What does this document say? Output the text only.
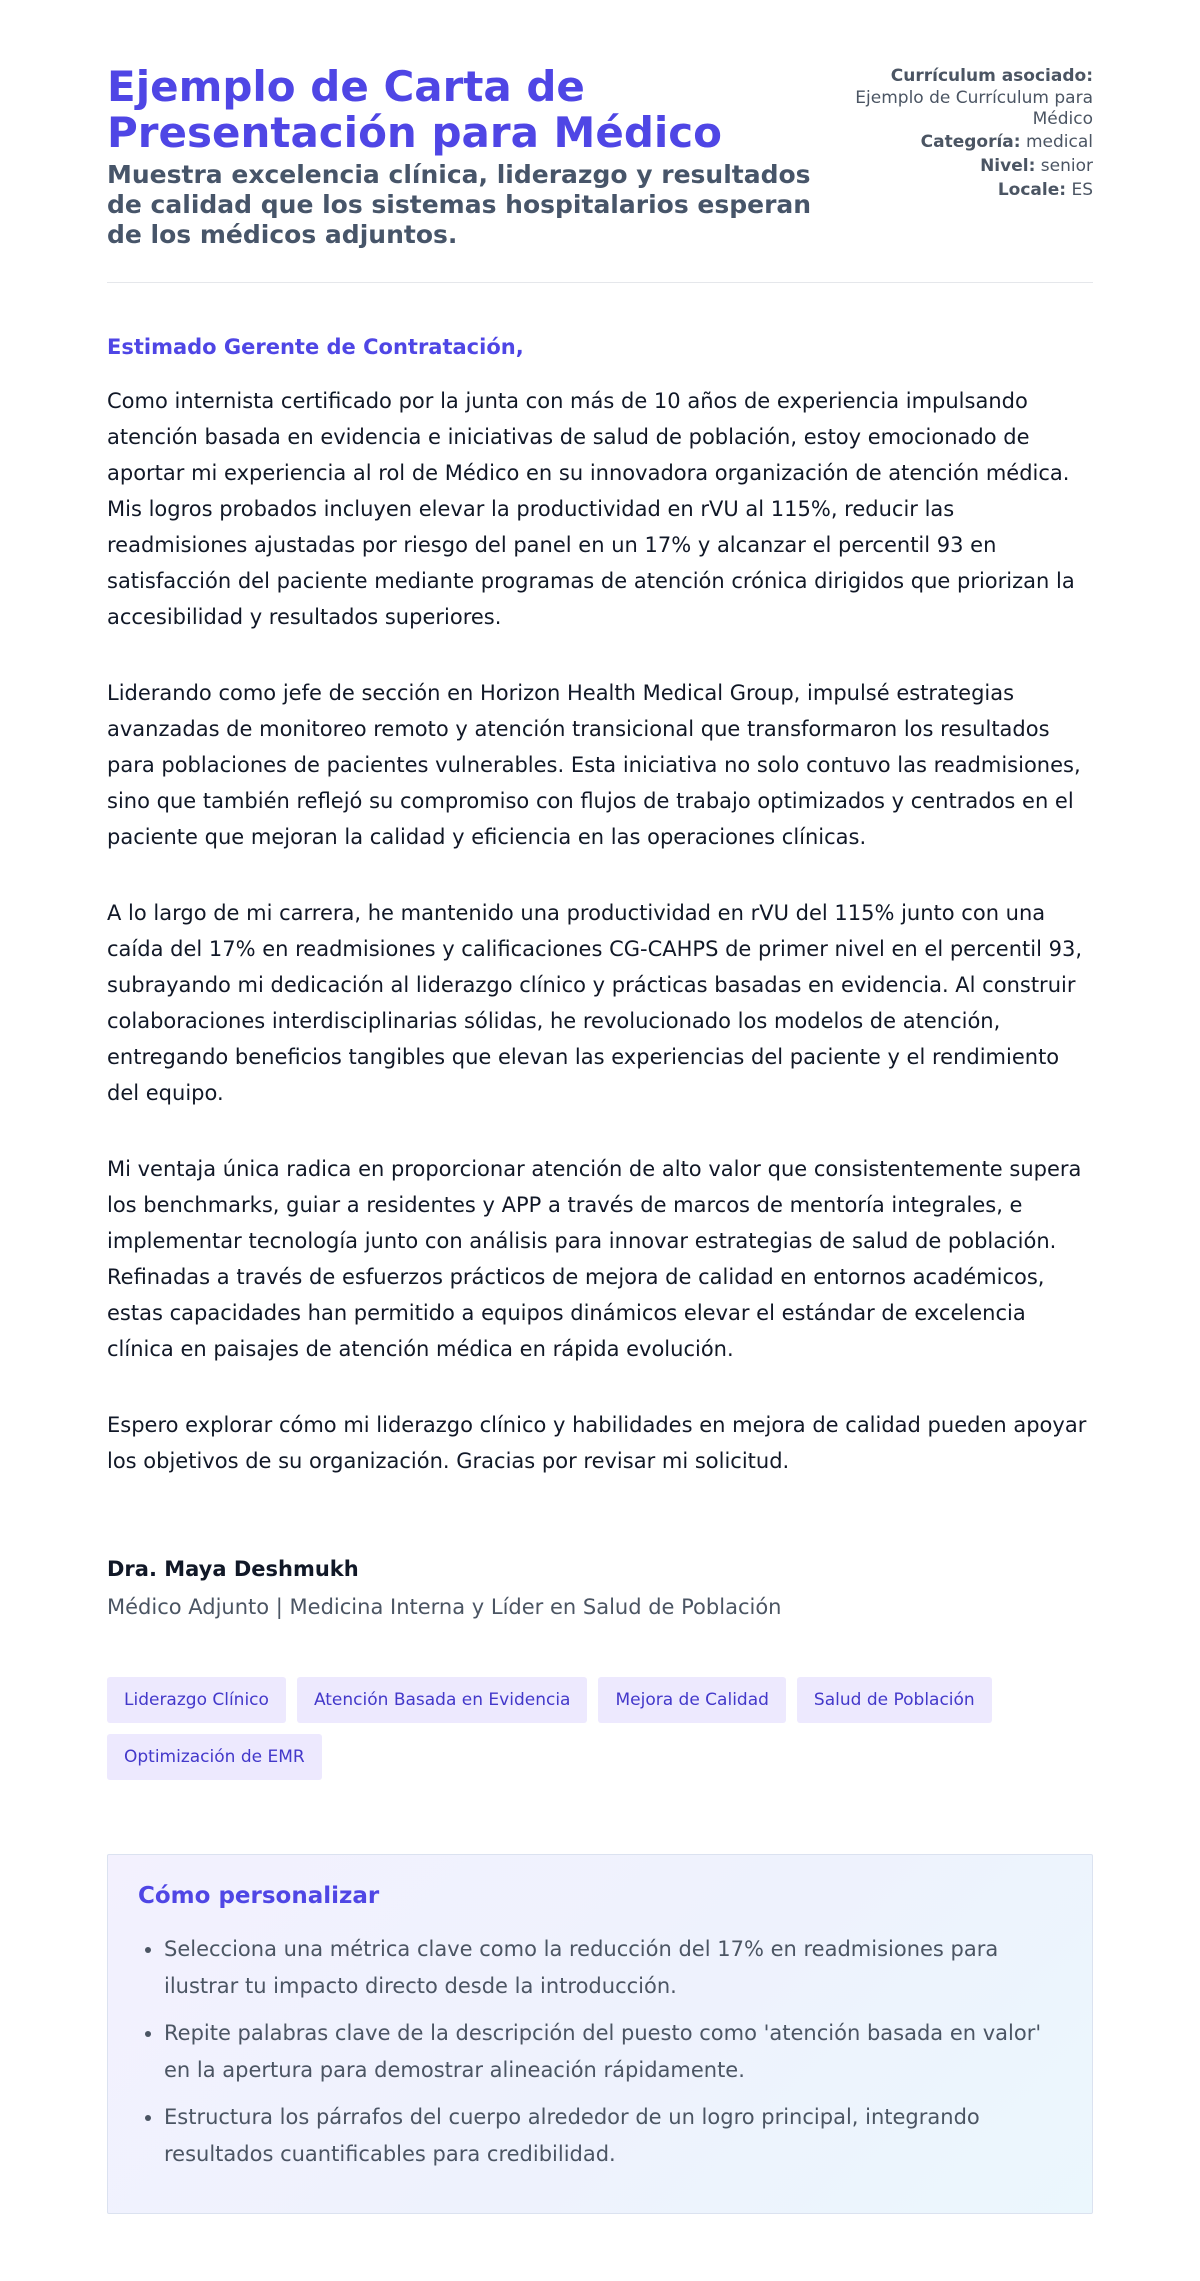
Ejemplo de Carta de Presentación para Médico
Muestra excelencia clínica, liderazgo y resultados de calidad que los sistemas hospitalarios esperan de los médicos adjuntos.
Currículum asociado:
Ejemplo de Currículum para Médico
Categoría: medical
Nivel: senior
Locale: ES
Estimado Gerente de Contratación,

Como internista certificado por la junta con más de 10 años de experiencia impulsando atención basada en evidencia e iniciativas de salud de población, estoy emocionado de aportar mi experiencia al rol de Médico en su innovadora organización de atención médica. Mis logros probados incluyen elevar la productividad en rVU al 115%, reducir las readmisiones ajustadas por riesgo del panel en un 17% y alcanzar el percentil 93 en satisfacción del paciente mediante programas de atención crónica dirigidos que priorizan la accesibilidad y resultados superiores.

Liderando como jefe de sección en Horizon Health Medical Group, impulsé estrategias avanzadas de monitoreo remoto y atención transicional que transformaron los resultados para poblaciones de pacientes vulnerables. Esta iniciativa no solo contuvo las readmisiones, sino que también reflejó su compromiso con flujos de trabajo optimizados y centrados en el paciente que mejoran la calidad y eficiencia en las operaciones clínicas.

A lo largo de mi carrera, he mantenido una productividad en rVU del 115% junto con una caída del 17% en readmisiones y calificaciones CG-CAHPS de primer nivel en el percentil 93, subrayando mi dedicación al liderazgo clínico y prácticas basadas en evidencia. Al construir colaboraciones interdisciplinarias sólidas, he revolucionado los modelos de atención, entregando beneficios tangibles que elevan las experiencias del paciente y el rendimiento del equipo.

Mi ventaja única radica en proporcionar atención de alto valor que consistentemente supera los benchmarks, guiar a residentes y APP a través de marcos de mentoría integrales, e implementar tecnología junto con análisis para innovar estrategias de salud de población. Refinadas a través de esfuerzos prácticos de mejora de calidad en entornos académicos, estas capacidades han permitido a equipos dinámicos elevar el estándar de excelencia clínica en paisajes de atención médica en rápida evolución.

Espero explorar cómo mi liderazgo clínico y habilidades en mejora de calidad pueden apoyar los objetivos de su organización. Gracias por revisar mi solicitud.

Dra. Maya Deshmukh
Médico Adjunto | Medicina Interna y Líder en Salud de Población
Liderazgo Clínico	Atención Basada en Evidencia	Mejora de Calidad	Salud de Población
Optimización de EMR
Cómo personalizar
• Selecciona una métrica clave como la reducción del 17% en readmisiones para ilustrar tu impacto directo desde la introducción.
• Repite palabras clave de la descripción del puesto como 'atención basada en valor' en la apertura para demostrar alineación rápidamente.
• Estructura los párrafos del cuerpo alrededor de un logro principal, integrando resultados cuantificables para credibilidad.
